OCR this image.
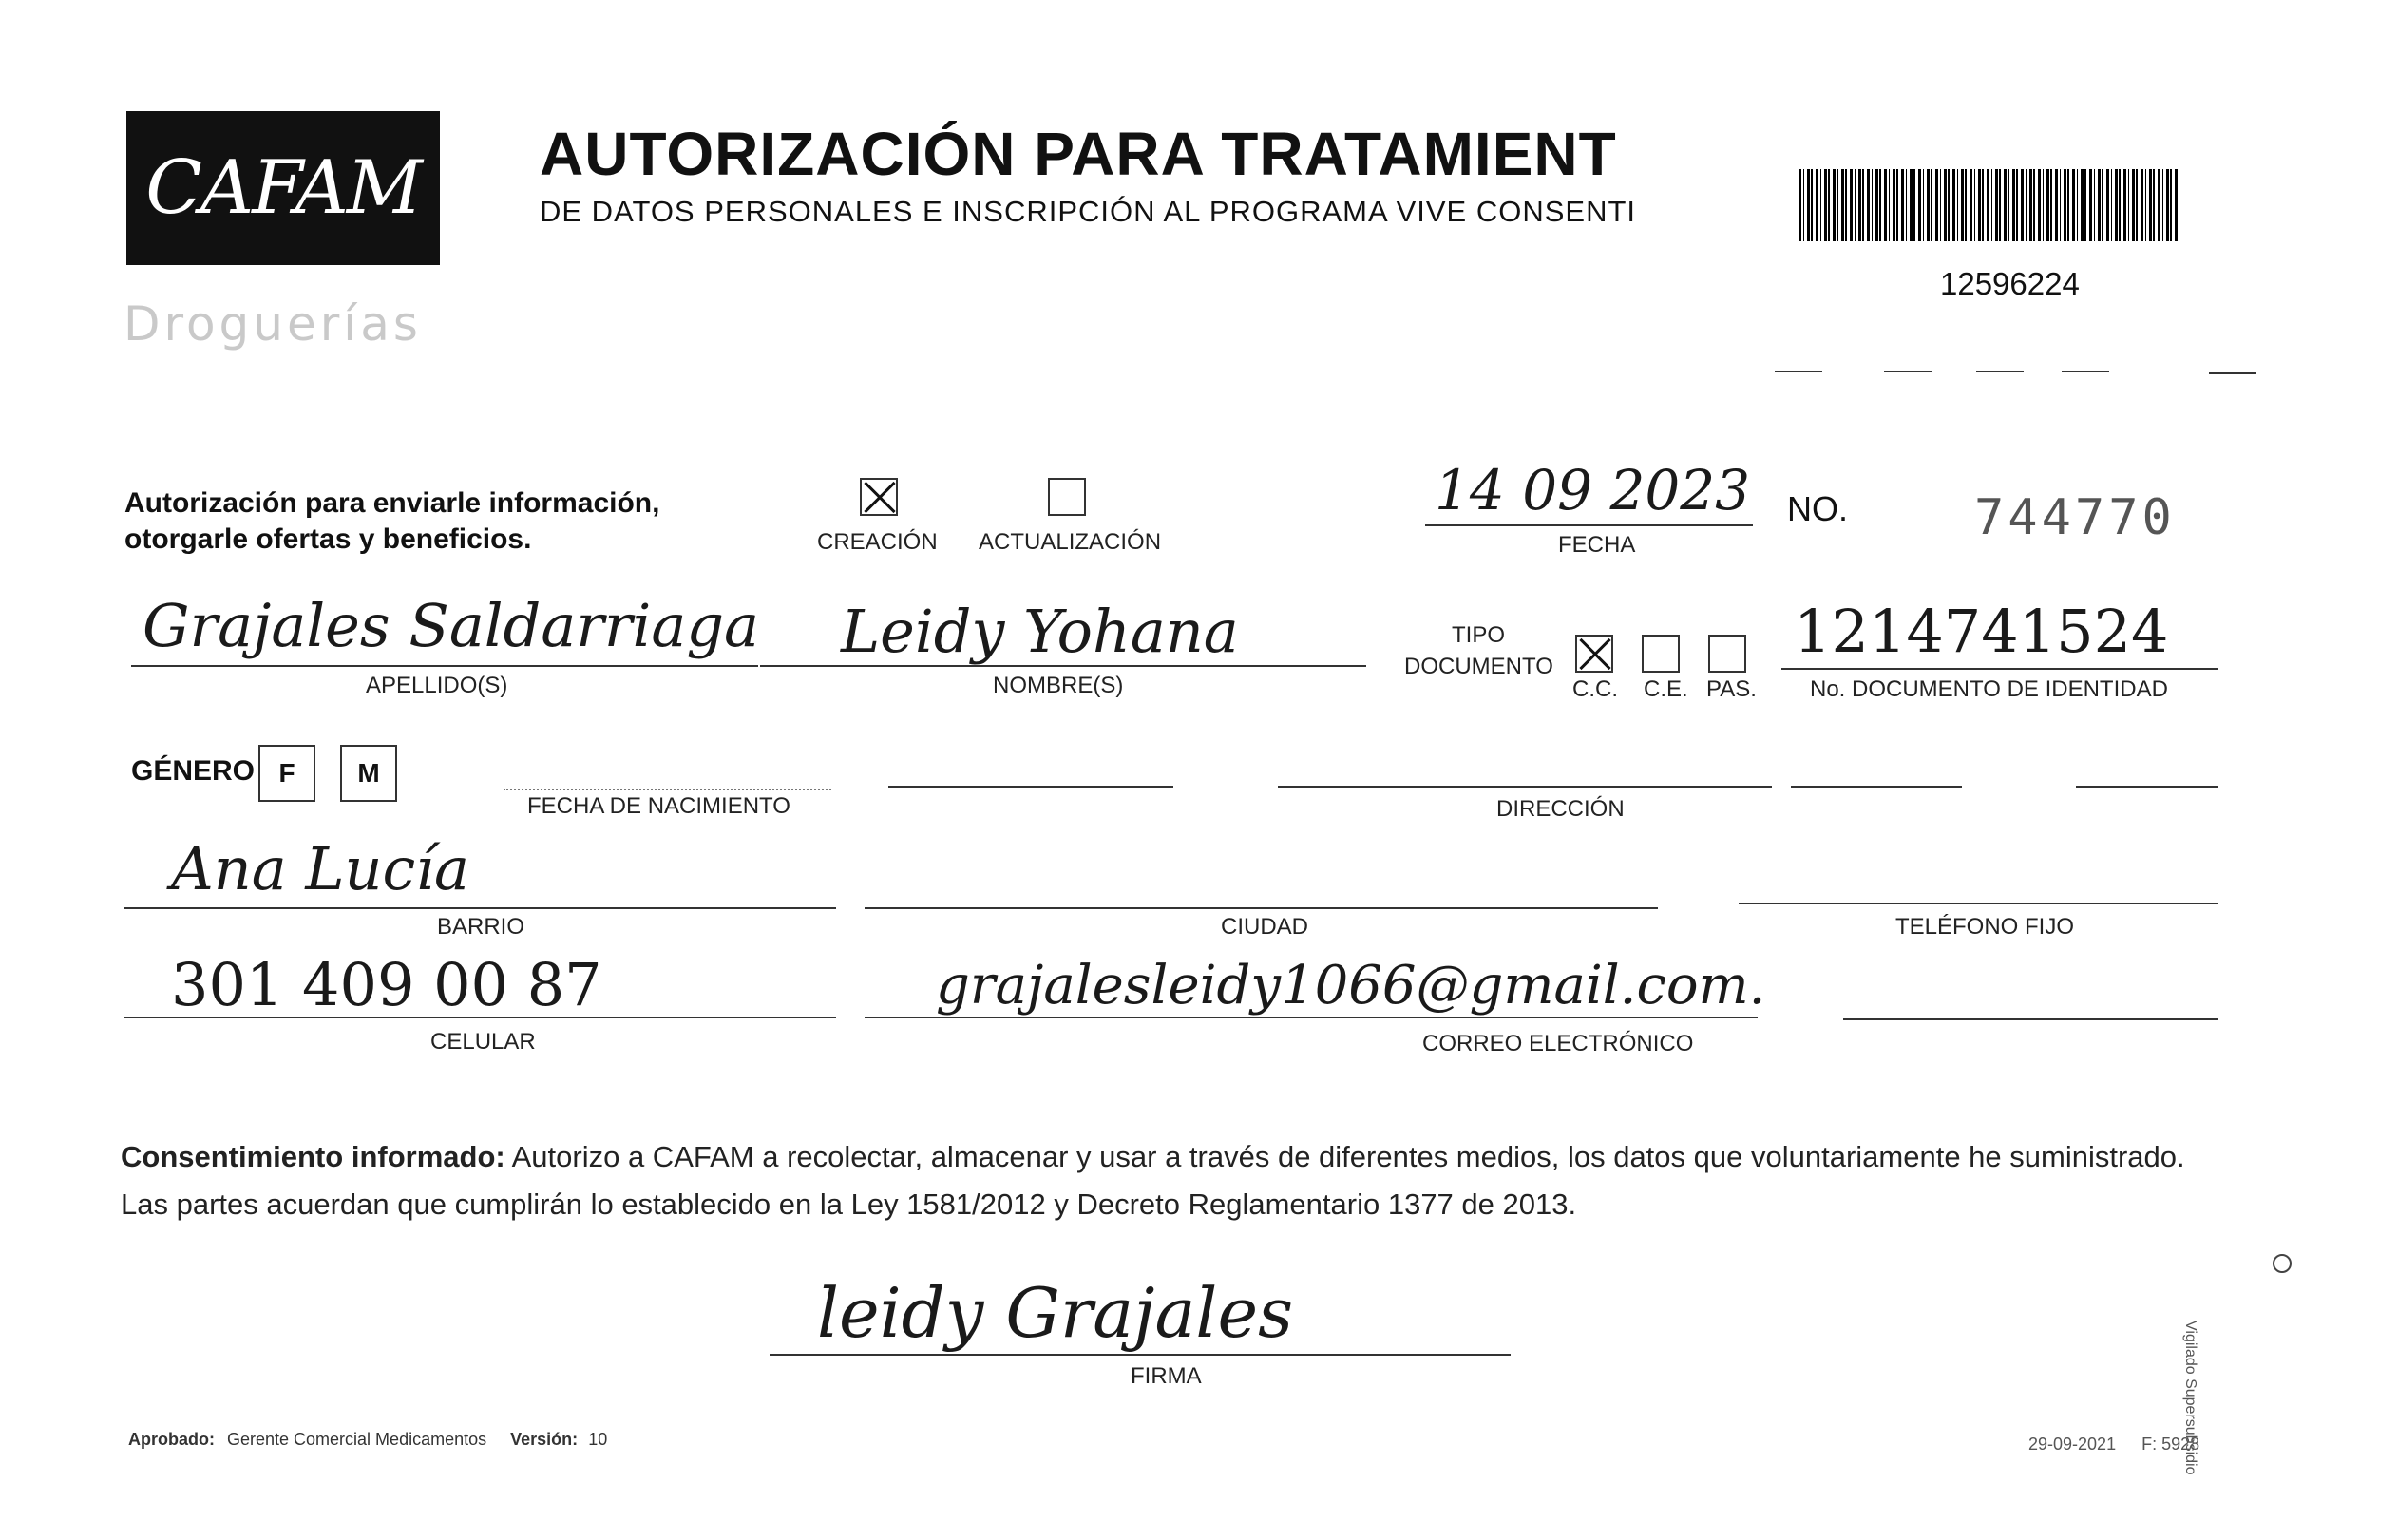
CAFAM
Droguerías
AUTORIZACIÓN PARA TRATAMIENT
DE DATOS PERSONALES E INSCRIPCIÓN AL PROGRAMA VIVE CONSENTI
12596224
Autorización para enviarle información,
otorgarle ofertas y beneficios.	CREACIÓN ACTUALIZACIÓN
14 09 2023
FECHA
NO.	744770
Grajales Saldarriaga
APELLIDO(S)
Leidy Yohana
NOMBRE(S)
TIPO
DOCUMENTO
C.C. C.E. PAS.
1214741524
No. DOCUMENTO DE IDENTIDAD
GÉNERO F M
FECHA DE NACIMIENTO	DIRECCIÓN
Ana Lucía
BARRIO	CIUDAD	TELÉFONO FIJO
301 409 00 87
CELULAR
grajalesleidy1066@gmail.com.
CORREO ELECTRÓNICO
Consentimiento informado: Autorizo a CAFAM a recolectar, almacenar y usar a través de diferentes medios, los datos que voluntariamente he suministrado.
Las partes acuerdan que cumplirán lo establecido en la Ley 1581/2012 y Decreto Reglamentario 1377 de 2013.
leidy Grajales
FIRMA
Aprobado: Gerente Comercial Medicamentos Versión: 10	29-09-2021 F: 5928
Vigilado Supersubsidio
